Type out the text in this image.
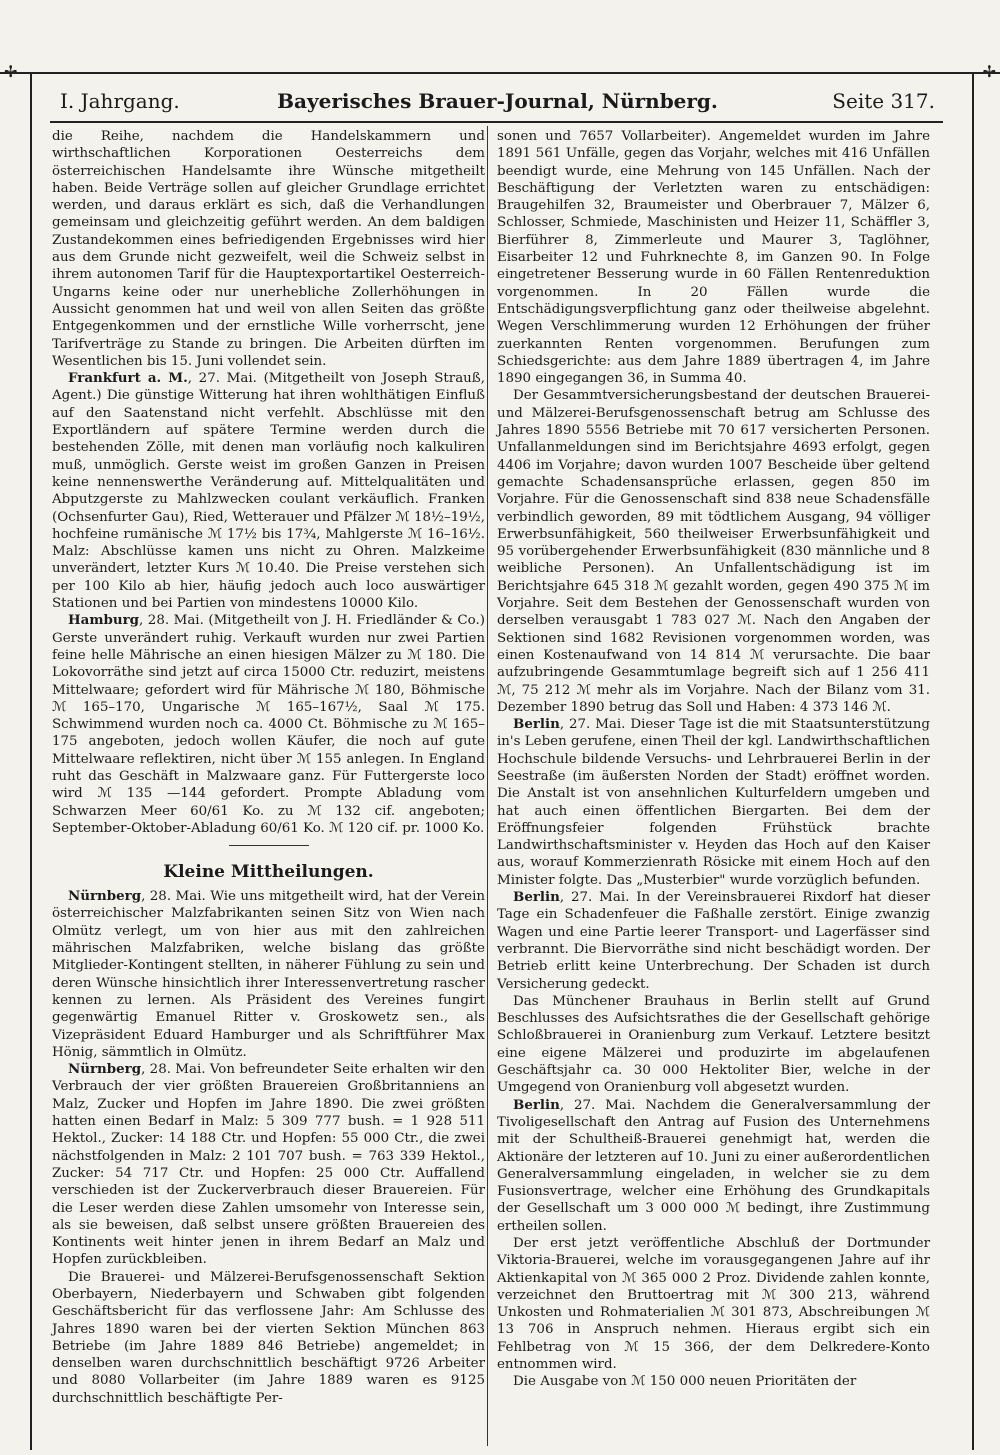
✢	✢
I. Jahrgang.	Bayerisches Brauer-Journal, Nürnberg.	Seite 317.

die Reihe, nachdem die Handelskammern und wirthschaftlichen Korporationen Oesterreichs dem österreichischen Handelsamte ihre Wünsche mitgetheilt haben. Beide Verträge sollen auf gleicher Grundlage errichtet werden, und daraus erklärt es sich, daß die Verhandlungen gemeinsam und gleichzeitig geführt werden. An dem baldigen Zustandekommen eines befriedigenden Ergebnisses wird hier aus dem Grunde nicht gezweifelt, weil die Schweiz selbst in ihrem autonomen Tarif für die Hauptexportartikel Oesterreich-Ungarns keine oder nur unerhebliche Zollerhöhungen in Aussicht genommen hat und weil von allen Seiten das größte Entgegenkommen und der ernstliche Wille vorherrscht, jene Tarifverträge zu Stande zu bringen. Die Arbeiten dürften im Wesentlichen bis 15. Juni vollendet sein.

Frankfurt a. M., 27. Mai. (Mitgetheilt von Joseph Strauß, Agent.) Die günstige Witterung hat ihren wohlthätigen Einfluß auf den Saatenstand nicht verfehlt. Abschlüsse mit den Exportländern auf spätere Termine werden durch die bestehenden Zölle, mit denen man vorläufig noch kalkuliren muß, unmöglich. Gerste weist im großen Ganzen in Preisen keine nennenswerthe Veränderung auf. Mittelqualitäten und Abputzgerste zu Mahlzwecken coulant verkäuflich. Franken (Ochsenfurter Gau), Ried, Wetterauer und Pfälzer ℳ 18½–19½, hochfeine rumänische ℳ 17½ bis 17¾, Mahlgerste ℳ 16–16½. Malz: Abschlüsse kamen uns nicht zu Ohren. Malzkeime unverändert, letzter Kurs ℳ 10.40. Die Preise verstehen sich per 100 Kilo ab hier, häufig jedoch auch loco auswärtiger Stationen und bei Partien von mindestens 10000 Kilo.

Hamburg, 28. Mai. (Mitgetheilt von J. H. Friedländer & Co.) Gerste unverändert ruhig. Verkauft wurden nur zwei Partien feine helle Mährische an einen hiesigen Mälzer zu ℳ 180. Die Lokovorräthe sind jetzt auf circa 15000 Ctr. reduzirt, meistens Mittelwaare; gefordert wird für Mährische ℳ 180, Böhmische ℳ 165–170, Ungarische ℳ 165–167½, Saal ℳ 175. Schwimmend wurden noch ca. 4000 Ct. Böhmische zu ℳ 165–175 angeboten, jedoch wollen Käufer, die noch auf gute Mittelwaare reflektiren, nicht über ℳ 155 anlegen. In England ruht das Geschäft in Malzwaare ganz. Für Futtergerste loco wird ℳ 135 —144 gefordert. Prompte Abladung vom Schwarzen Meer 60/61 Ko. zu ℳ 132 cif. angeboten; September-Oktober-Abladung 60/61 Ko. ℳ 120 cif. pr. 1000 Ko.

Kleine Mittheilungen.

Nürnberg, 28. Mai. Wie uns mitgetheilt wird, hat der Verein österreichischer Malzfabrikanten seinen Sitz von Wien nach Olmütz verlegt, um von hier aus mit den zahlreichen mährischen Malzfabriken, welche bislang das größte Mitglieder-Kontingent stellten, in näherer Fühlung zu sein und deren Wünsche hinsichtlich ihrer Interessenvertretung rascher kennen zu lernen. Als Präsident des Vereines fungirt gegenwärtig Emanuel Ritter v. Groskowetz sen., als Vizepräsident Eduard Hamburger und als Schriftführer Max Hönig, sämmtlich in Olmütz.

Nürnberg, 28. Mai. Von befreundeter Seite erhalten wir den Verbrauch der vier größten Brauereien Großbritanniens an Malz, Zucker und Hopfen im Jahre 1890. Die zwei größten hatten einen Bedarf in Malz: 5 309 777 bush. = 1 928 511 Hektol., Zucker: 14 188 Ctr. und Hopfen: 55 000 Ctr., die zwei nächstfolgenden in Malz: 2 101 707 bush. = 763 339 Hektol., Zucker: 54 717 Ctr. und Hopfen: 25 000 Ctr. Auffallend verschieden ist der Zuckerverbrauch dieser Brauereien. Für die Leser werden diese Zahlen umsomehr von Interesse sein, als sie beweisen, daß selbst unsere größten Brauereien des Kontinents weit hinter jenen in ihrem Bedarf an Malz und Hopfen zurückbleiben.

Die Brauerei- und Mälzerei-Berufsgenossenschaft Sektion Oberbayern, Niederbayern und Schwaben gibt folgenden Geschäftsbericht für das verflossene Jahr: Am Schlusse des Jahres 1890 waren bei der vierten Sektion München 863 Betriebe (im Jahre 1889 846 Betriebe) angemeldet; in denselben waren durchschnittlich beschäftigt 9726 Arbeiter und 8080 Vollarbeiter (im Jahre 1889 waren es 9125 durchschnittlich beschäftigte Per-

sonen und 7657 Vollarbeiter). Angemeldet wurden im Jahre 1891 561 Unfälle, gegen das Vorjahr, welches mit 416 Unfällen beendigt wurde, eine Mehrung von 145 Unfällen. Nach der Beschäftigung der Verletzten waren zu entschädigen: Braugehilfen 32, Braumeister und Oberbrauer 7, Mälzer 6, Schlosser, Schmiede, Maschinisten und Heizer 11, Schäffler 3, Bierführer 8, Zimmerleute und Maurer 3, Taglöhner, Eisarbeiter 12 und Fuhrknechte 8, im Ganzen 90. In Folge eingetretener Besserung wurde in 60 Fällen Rentenreduktion vorgenommen. In 20 Fällen wurde die Entschädigungsverpflichtung ganz oder theilweise abgelehnt. Wegen Verschlimmerung wurden 12 Erhöhungen der früher zuerkannten Renten vorgenommen. Berufungen zum Schiedsgerichte: aus dem Jahre 1889 übertragen 4, im Jahre 1890 eingegangen 36, in Summa 40.

Der Gesammtversicherungsbestand der deutschen Brauerei- und Mälzerei-Berufsgenossenschaft betrug am Schlusse des Jahres 1890 5556 Betriebe mit 70 617 versicherten Personen. Unfallanmeldungen sind im Berichtsjahre 4693 erfolgt, gegen 4406 im Vorjahre; davon wurden 1007 Bescheide über geltend gemachte Schadensansprüche erlassen, gegen 850 im Vorjahre. Für die Genossenschaft sind 838 neue Schadensfälle verbindlich geworden, 89 mit tödtlichem Ausgang, 94 völliger Erwerbsunfähigkeit, 560 theilweiser Erwerbsunfähigkeit und 95 vorübergehender Erwerbsunfähigkeit (830 männliche und 8 weibliche Personen). An Unfallentschädigung ist im Berichtsjahre 645 318 ℳ gezahlt worden, gegen 490 375 ℳ im Vorjahre. Seit dem Bestehen der Genossenschaft wurden von derselben verausgabt 1 783 027 ℳ. Nach den Angaben der Sektionen sind 1682 Revisionen vorgenommen worden, was einen Kostenaufwand von 14 814 ℳ verursachte. Die baar aufzubringende Gesammtumlage begreift sich auf 1 256 411 ℳ, 75 212 ℳ mehr als im Vorjahre. Nach der Bilanz vom 31. Dezember 1890 betrug das Soll und Haben: 4 373 146 ℳ.

Berlin, 27. Mai. Dieser Tage ist die mit Staatsunterstützung in's Leben gerufene, einen Theil der kgl. Landwirthschaftlichen Hochschule bildende Versuchs- und Lehrbrauerei Berlin in der Seestraße (im äußersten Norden der Stadt) eröffnet worden. Die Anstalt ist von ansehnlichen Kulturfeldern umgeben und hat auch einen öffentlichen Biergarten. Bei dem der Eröffnungsfeier folgenden Frühstück brachte Landwirthschaftsminister v. Heyden das Hoch auf den Kaiser aus, worauf Kommerzienrath Rösicke mit einem Hoch auf den Minister folgte. Das „Musterbier" wurde vorzüglich befunden.

Berlin, 27. Mai. In der Vereinsbrauerei Rixdorf hat dieser Tage ein Schadenfeuer die Faßhalle zerstört. Einige zwanzig Wagen und eine Partie leerer Transport- und Lagerfässer sind verbrannt. Die Biervorräthe sind nicht beschädigt worden. Der Betrieb erlitt keine Unterbrechung. Der Schaden ist durch Versicherung gedeckt.

Das Münchener Brauhaus in Berlin stellt auf Grund Beschlusses des Aufsichtsrathes die der Gesellschaft gehörige Schloßbrauerei in Oranienburg zum Verkauf. Letztere besitzt eine eigene Mälzerei und produzirte im abgelaufenen Geschäftsjahr ca. 30 000 Hektoliter Bier, welche in der Umgegend von Oranienburg voll abgesetzt wurden.

Berlin, 27. Mai. Nachdem die Generalversammlung der Tivoligesellschaft den Antrag auf Fusion des Unternehmens mit der Schultheiß-Brauerei genehmigt hat, werden die Aktionäre der letzteren auf 10. Juni zu einer außerordentlichen Generalversammlung eingeladen, in welcher sie zu dem Fusionsvertrage, welcher eine Erhöhung des Grundkapitals der Gesellschaft um 3 000 000 ℳ bedingt, ihre Zustimmung ertheilen sollen.

Der erst jetzt veröffentliche Abschluß der Dortmunder Viktoria-Brauerei, welche im vorausgegangenen Jahre auf ihr Aktienkapital von ℳ 365 000 2 Proz. Dividende zahlen konnte, verzeichnet den Bruttoertrag mit ℳ 300 213, während Unkosten und Rohmaterialien ℳ 301 873, Abschreibungen ℳ 13 706 in Anspruch nehmen. Hieraus ergibt sich ein Fehlbetrag von ℳ 15 366, der dem Delkredere-Konto entnommen wird.

Die Ausgabe von ℳ 150 000 neuen Prioritäten der
